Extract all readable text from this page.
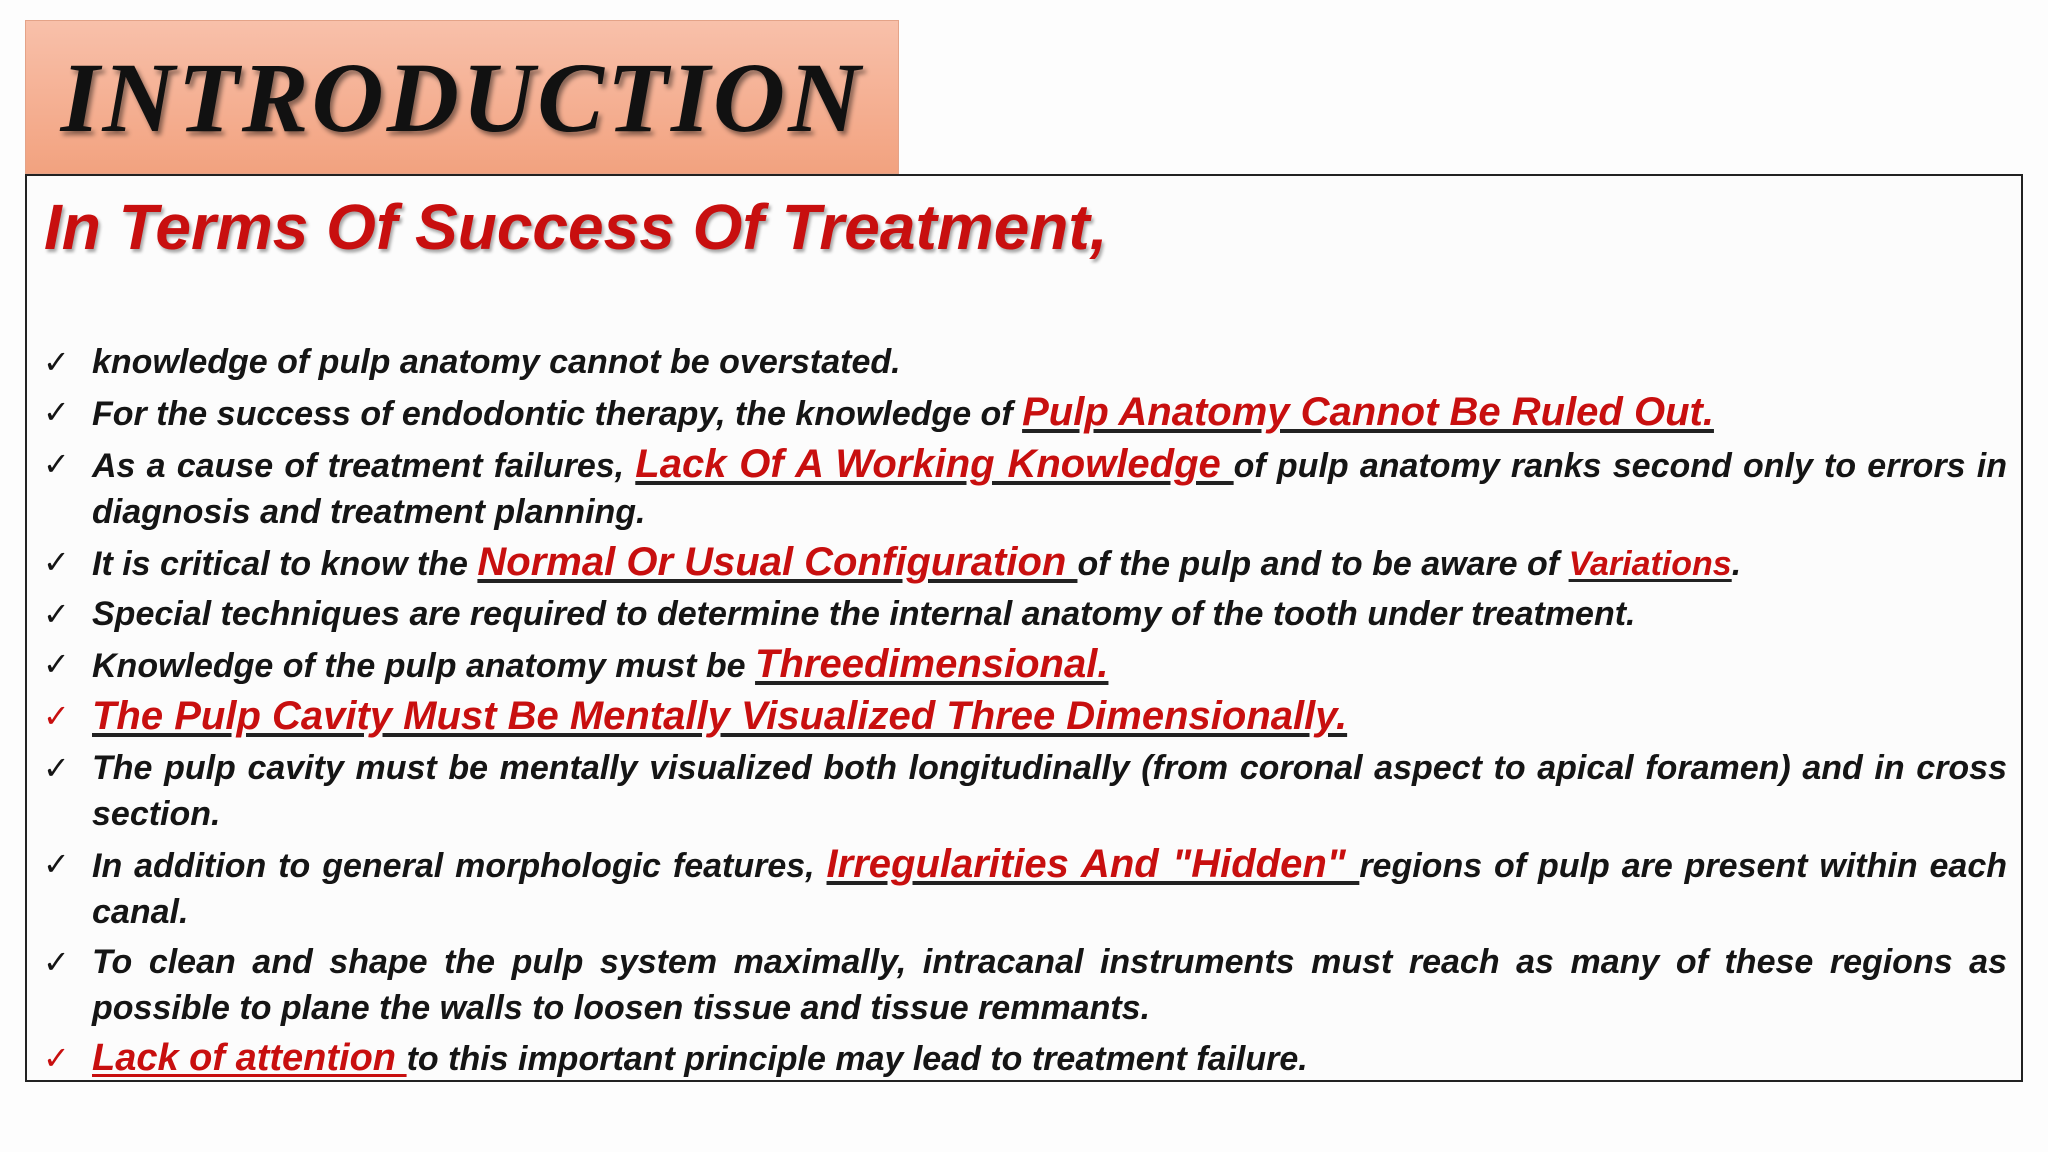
INTRODUCTION
In Terms Of Success Of Treatment,
✓ knowledge of pulp anatomy cannot be overstated.
✓ For the success of endodontic therapy, the knowledge of Pulp Anatomy Cannot Be Ruled Out.
✓ As a cause of treatment failures, Lack Of A Working Knowledge of pulp anatomy ranks second only to errors in diagnosis and treatment planning.
✓ It is critical to know the Normal Or Usual Configuration of the pulp and to be aware of Variations.
✓ Special techniques are required to determine the internal anatomy of the tooth under treatment.
✓ Knowledge of the pulp anatomy must be Threedimensional.
✓ The Pulp Cavity Must Be Mentally Visualized Three Dimensionally.
✓ The pulp cavity must be mentally visualized both longitudinally (from coronal aspect to apical foramen) and in cross section.
✓ In addition to general morphologic features, Irregularities And "Hidden" regions of pulp are present within each canal.
✓ To clean and shape the pulp system maximally, intracanal instruments must reach as many of these regions as possible to plane the walls to loosen tissue and tissue remmants.
✓ Lack of attention to this important principle may lead to treatment failure.
